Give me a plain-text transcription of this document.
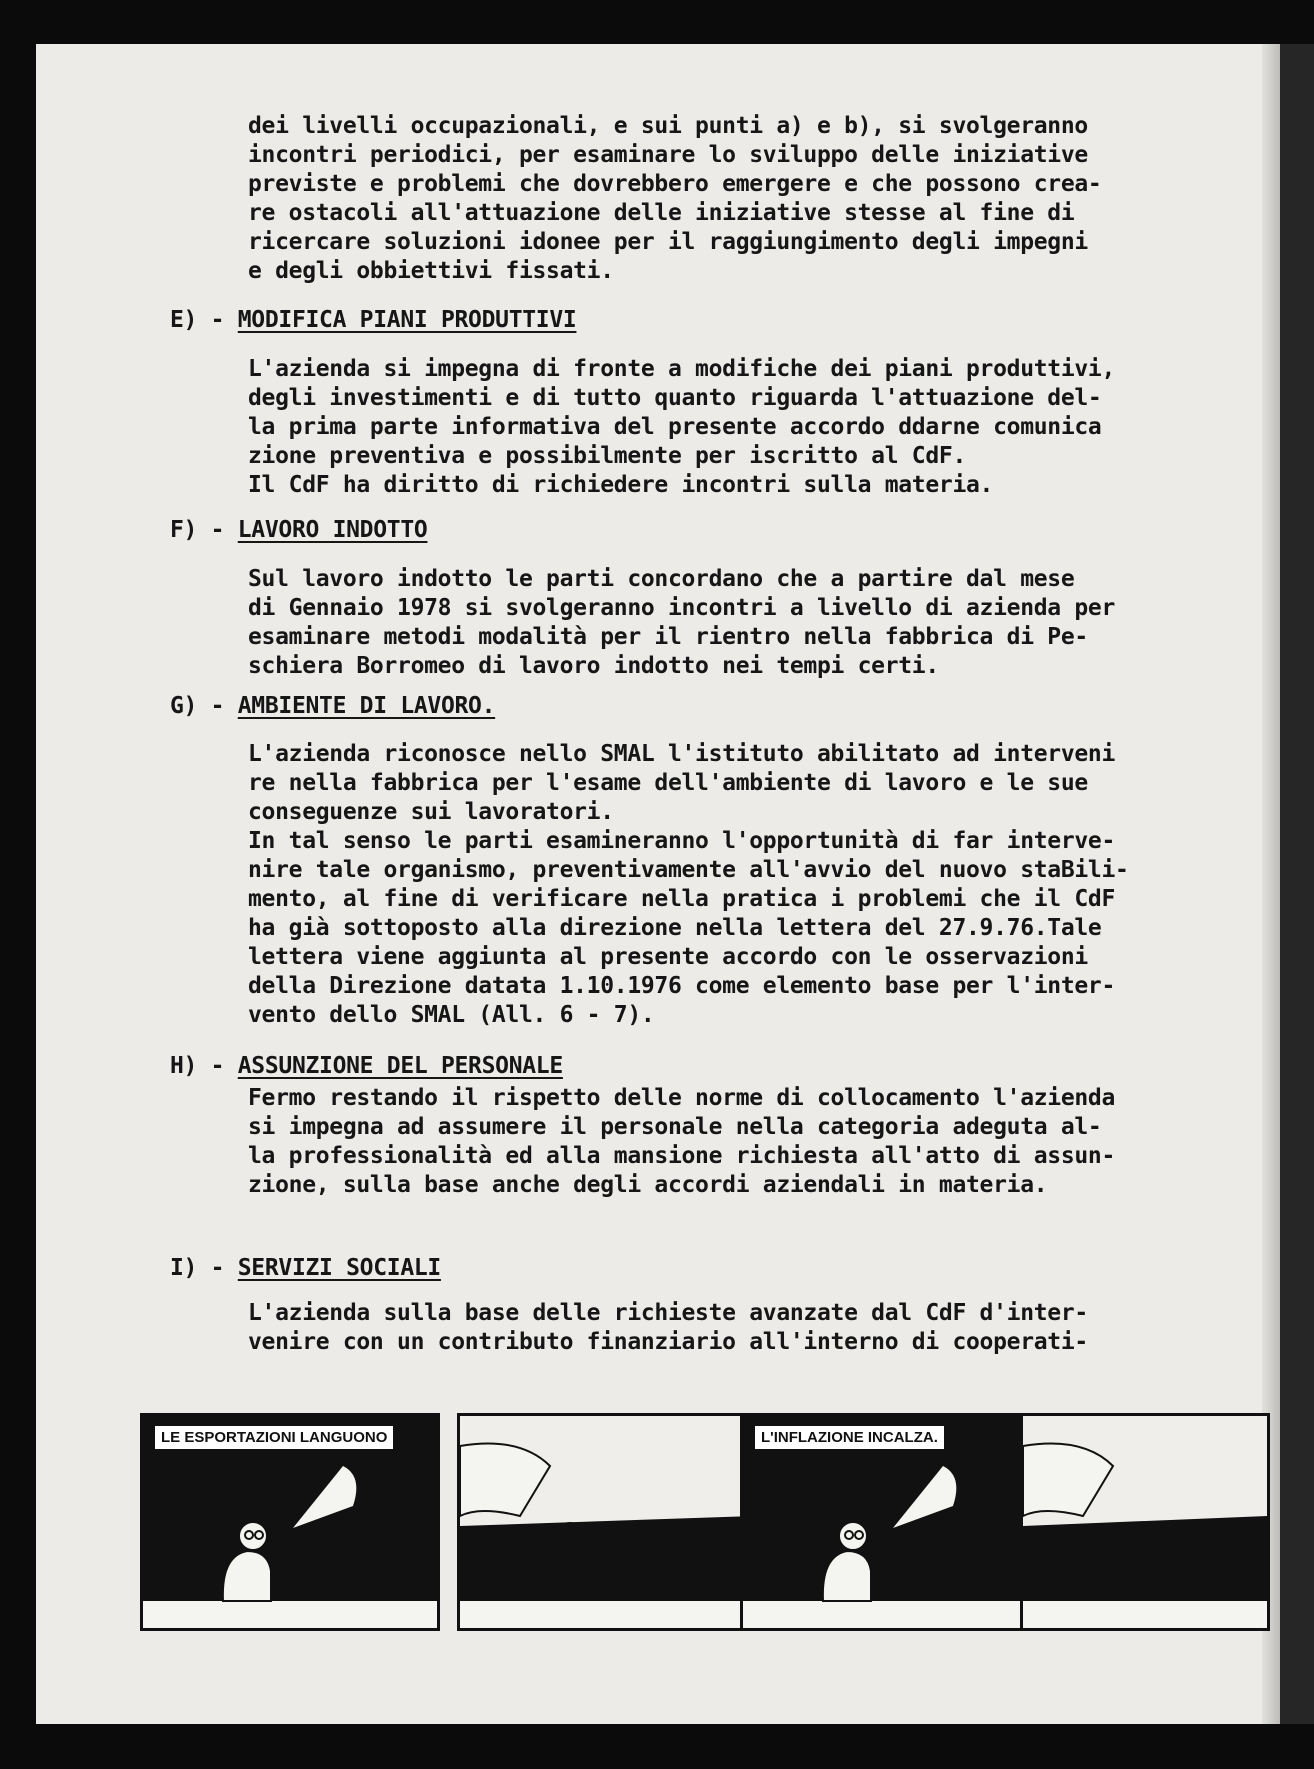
dei livelli occupazionali, e sui punti a) e b), si svolgeranno
incontri periodici, per esaminare lo sviluppo delle iniziative
previste e problemi che dovrebbero emergere e che possono crea-
re ostacoli all'attuazione delle iniziative stesse al fine di
ricercare soluzioni idonee per il raggiungimento degli impegni
e degli obbiettivi fissati.
E) - MODIFICA PIANI PRODUTTIVI
L'azienda si impegna di fronte a modifiche dei piani produttivi,
degli investimenti e di tutto quanto riguarda l'attuazione del-
la prima parte informativa del presente accordo ddarne comunica
zione preventiva e possibilmente per iscritto al CdF.
Il CdF ha diritto di richiedere incontri sulla materia.
F) - LAVORO INDOTTO
Sul lavoro indotto le parti concordano che a partire dal mese
di Gennaio 1978 si svolgeranno incontri a livello di azienda per
esaminare metodi modalità per il rientro nella fabbrica di Pe-
schiera Borromeo di lavoro indotto nei tempi certi.
G) - AMBIENTE DI LAVORO.
L'azienda riconosce nello SMAL l'istituto abilitato ad interveni
re nella fabbrica per l'esame dell'ambiente di lavoro e le sue
conseguenze sui lavoratori.
In tal senso le parti esamineranno l'opportunità di far interve-
nire tale organismo, preventivamente all'avvio del nuovo staBili-
mento, al fine di verificare nella pratica i problemi che il CdF
ha già sottoposto alla direzione nella lettera del 27.9.76.Tale
lettera viene aggiunta al presente accordo con le osservazioni
della Direzione datata 1.10.1976 come elemento base per l'inter-
vento dello SMAL (All. 6 - 7).
H) - ASSUNZIONE DEL PERSONALE
Fermo restando il rispetto delle norme di collocamento l'azienda
si impegna ad assumere il personale nella categoria adeguta al-
la professionalità ed alla mansione richiesta all'atto di assun-
zione, sulla base anche degli accordi aziendali in materia.
I) - SERVIZI SOCIALI
L'azienda sulla base delle richieste avanzate dal CdF d'inter-
venire con un contributo finanziario all'interno di cooperati-
LE ESPORTAZIONI LANGUONO	L'INFLAZIONE INCALZA.
